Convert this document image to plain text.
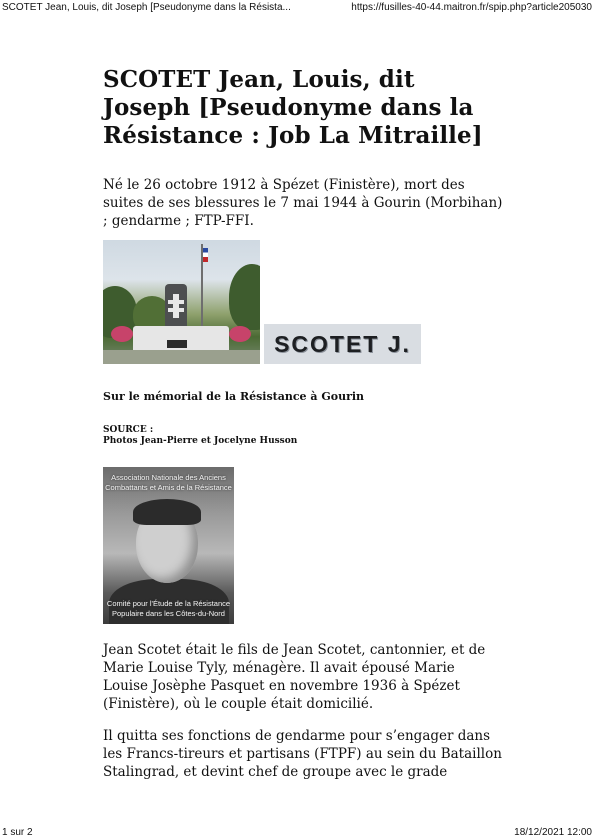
SCOTET Jean, Louis, dit Joseph [Pseudonyme dans la Résista...	https://fusilles-40-44.maitron.fr/spip.php?article205030
SCOTET Jean, Louis, dit Joseph [Pseudonyme dans la Résistance : Job La Mitraille]

Né le 26 octobre 1912 à Spézet (Finistère), mort des suites de ses blessures le 7 mai 1944 à Gourin (Morbihan) ; gendarme ; FTP-FFI.

SCOTET J.

Sur le mémorial de la Résistance à Gourin

SOURCE :
Photos Jean-Pierre et Jocelyne Husson
Association Nationale des Anciens Combattants et Amis de la Résistance
Comité pour l'Étude de la Résistance Populaire dans les Côtes-du-Nord

Jean Scotet était le fils de Jean Scotet, cantonnier, et de Marie Louise Tyly, ménagère. Il avait épousé Marie Louise Josèphe Pasquet en novembre 1936 à Spézet (Finistère), où le couple était domicilié.

Il quitta ses fonctions de gendarme pour s’engager dans les Francs-tireurs et partisans (FTPF) au sein du Bataillon Stalingrad, et devint chef de groupe avec le grade

1 sur 2	18/12/2021 12:00
